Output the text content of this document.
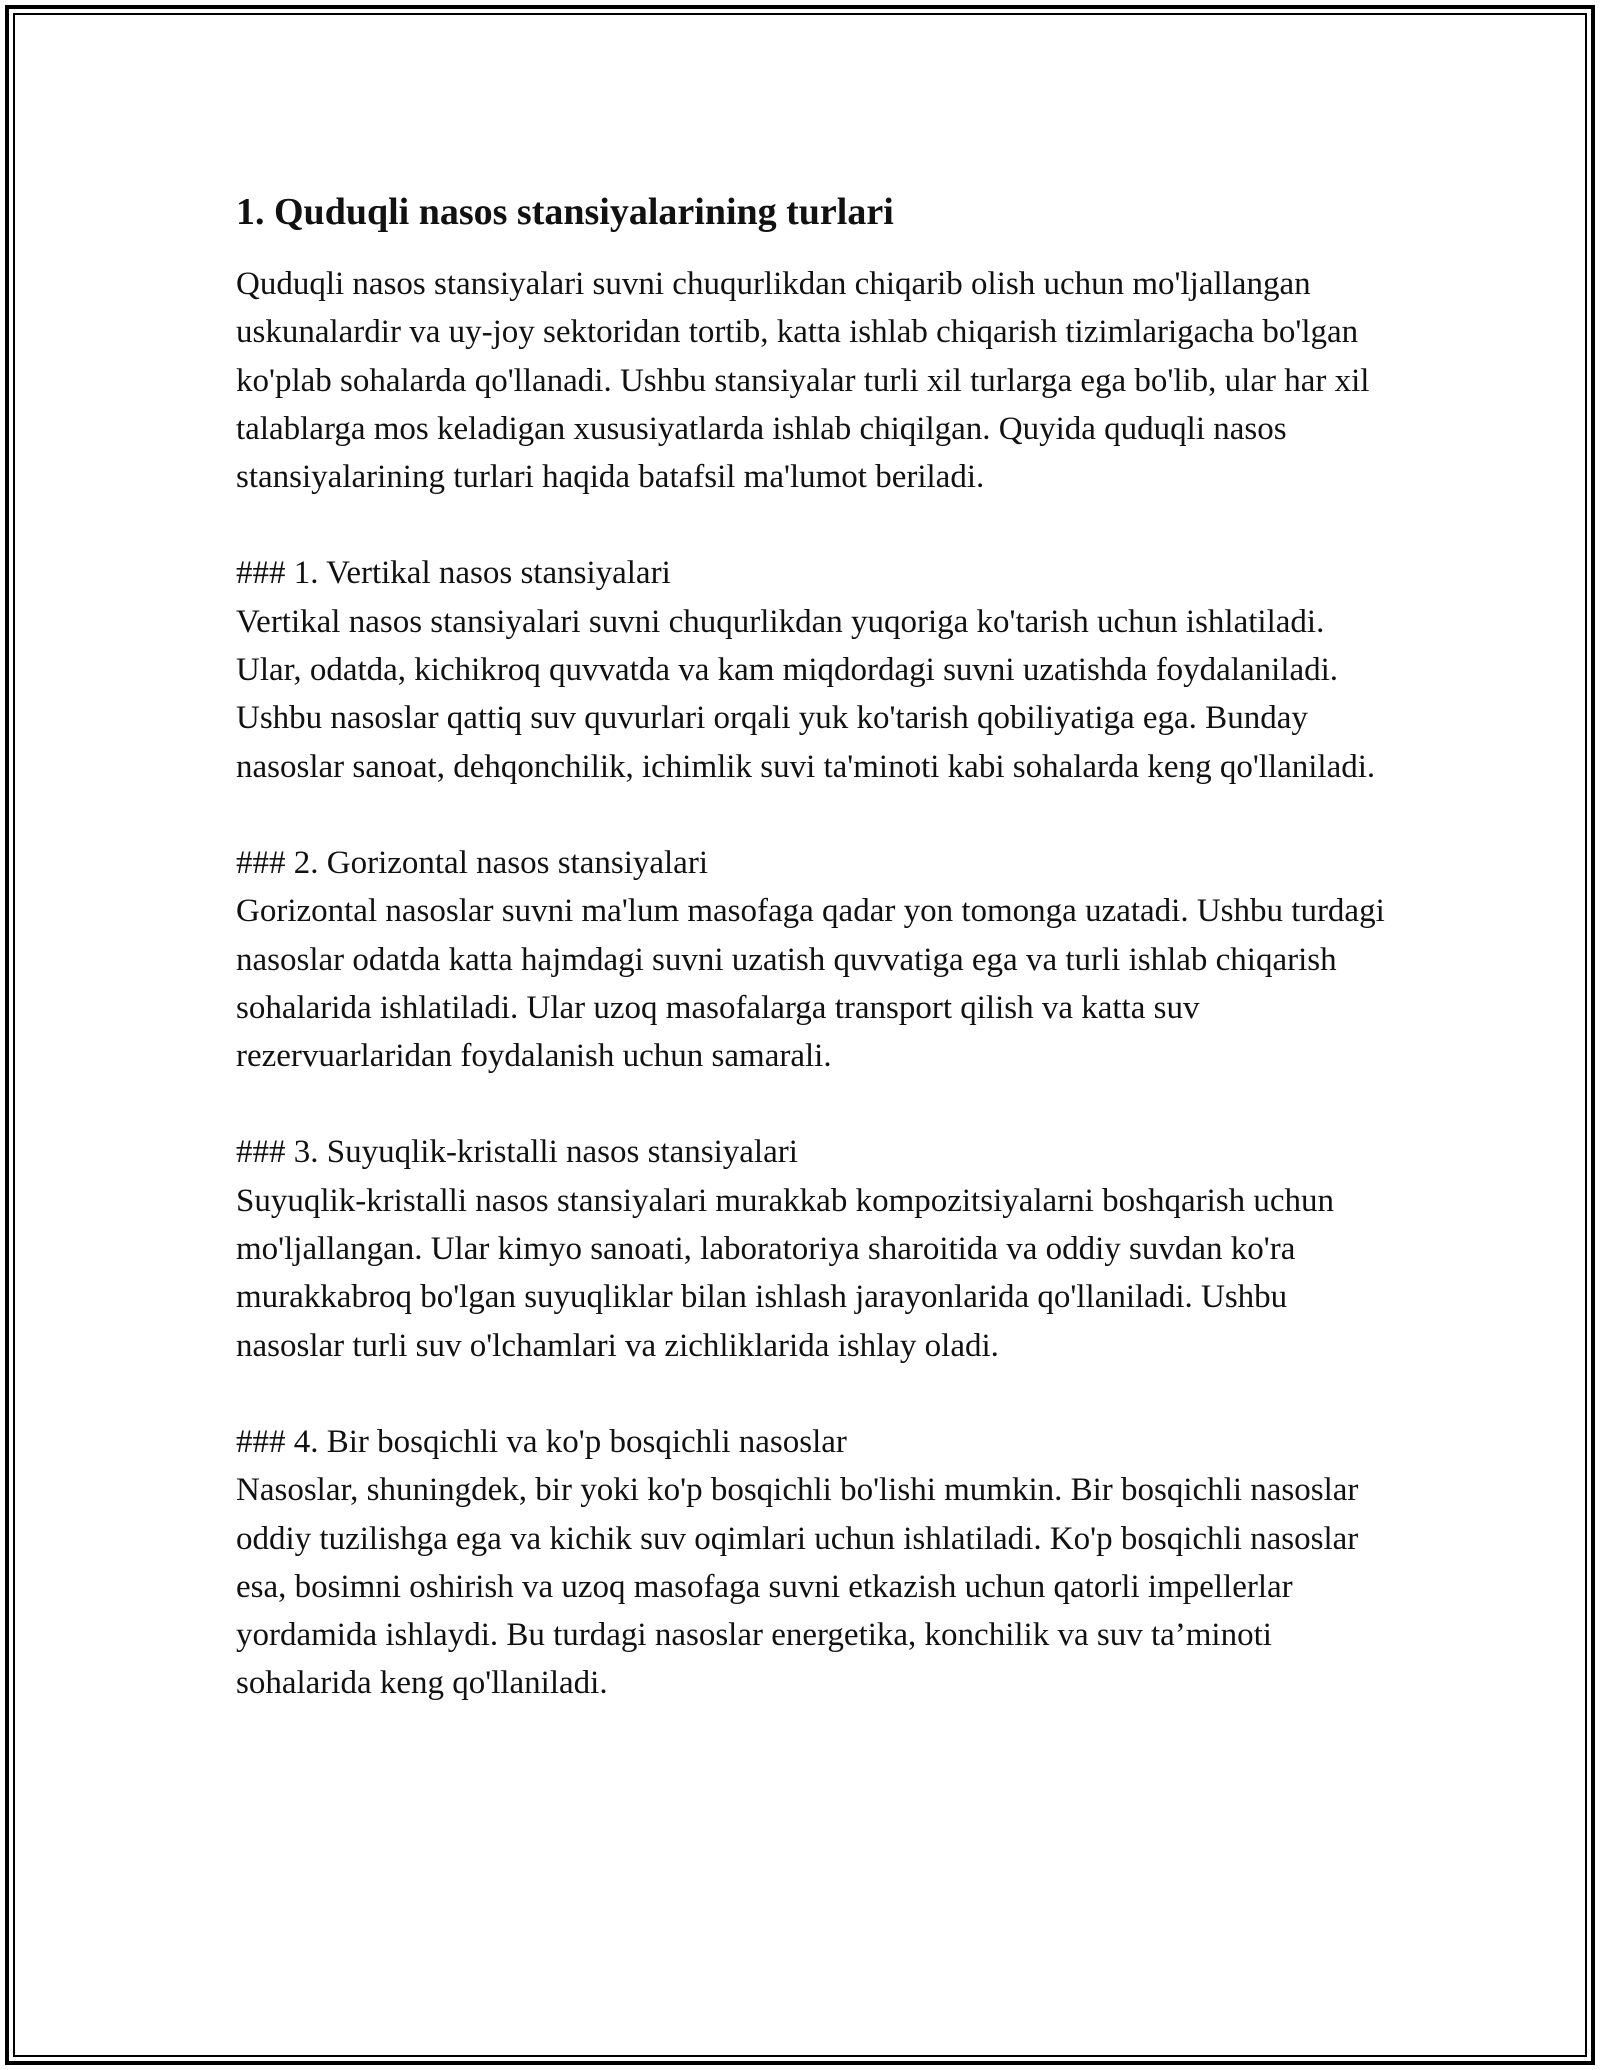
1. Quduqli nasos stansiyalarining turlari

Quduqli nasos stansiyalari suvni chuqurlikdan chiqarib olish uchun mo'ljallangan uskunalardir va uy-joy sektoridan tortib, katta ishlab chiqarish tizimlarigacha bo'lgan ko'plab sohalarda qo'llanadi. Ushbu stansiyalar turli xil turlarga ega bo'lib, ular har xil talablarga mos keladigan xususiyatlarda ishlab chiqilgan. Quyida quduqli nasos stansiyalarining turlari haqida batafsil ma'lumot beriladi.

### 1. Vertikal nasos stansiyalari

Vertikal nasos stansiyalari suvni chuqurlikdan yuqoriga ko'tarish uchun ishlatiladi. Ular, odatda, kichikroq quvvatda va kam miqdordagi suvni uzatishda foydalaniladi. Ushbu nasoslar qattiq suv quvurlari orqali yuk ko'tarish qobiliyatiga ega. Bunday nasoslar sanoat, dehqonchilik, ichimlik suvi ta'minoti kabi sohalarda keng qo'llaniladi.

### 2. Gorizontal nasos stansiyalari

Gorizontal nasoslar suvni ma'lum masofaga qadar yon tomonga uzatadi. Ushbu turdagi nasoslar odatda katta hajmdagi suvni uzatish quvvatiga ega va turli ishlab chiqarish sohalarida ishlatiladi. Ular uzoq masofalarga transport qilish va katta suv rezervuarlaridan foydalanish uchun samarali.

### 3. Suyuqlik-kristalli nasos stansiyalari

Suyuqlik-kristalli nasos stansiyalari murakkab kompozitsiyalarni boshqarish uchun mo'ljallangan. Ular kimyo sanoati, laboratoriya sharoitida va oddiy suvdan ko'ra murakkabroq bo'lgan suyuqliklar bilan ishlash jarayonlarida qo'llaniladi. Ushbu nasoslar turli suv o'lchamlari va zichliklarida ishlay oladi.

### 4. Bir bosqichli va ko'p bosqichli nasoslar

Nasoslar, shuningdek, bir yoki ko'p bosqichli bo'lishi mumkin. Bir bosqichli nasoslar oddiy tuzilishga ega va kichik suv oqimlari uchun ishlatiladi. Ko'p bosqichli nasoslar esa, bosimni oshirish va uzoq masofaga suvni etkazish uchun qatorli impellerlar yordamida ishlaydi. Bu turdagi nasoslar energetika, konchilik va suv ta’minoti sohalarida keng qo'llaniladi.
